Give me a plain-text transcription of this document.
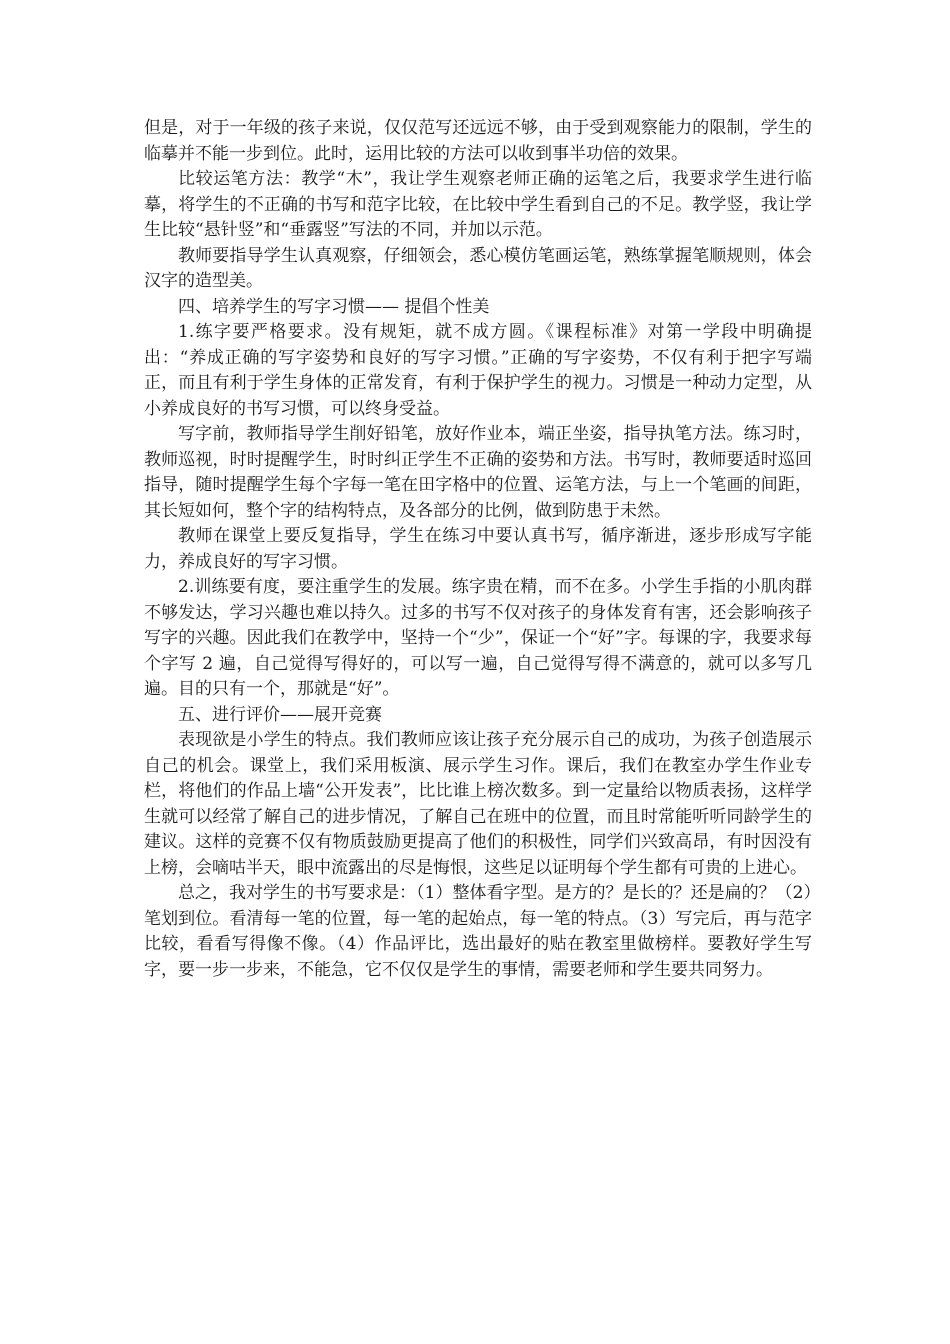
但是，对于一年级的孩子来说，仅仅范写还远远不够，由于受到观察能力的限制，学生的临摹并不能一步到位。此时，运用比较的方法可以收到事半功倍的效果。

比较运笔方法：教学“木”，我让学生观察老师正确的运笔之后，我要求学生进行临摹，将学生的不正确的书写和范字比较，在比较中学生看到自己的不足。教学竖，我让学生比较“悬针竖”和“垂露竖”写法的不同，并加以示范。

教师要指导学生认真观察，仔细领会，悉心模仿笔画运笔，熟练掌握笔顺规则，体会汉字的造型美。

四、培养学生的写字习惯—— 提倡个性美

1.练字要严格要求。没有规矩，就不成方圆。《课程标准》对第一学段中明确提出：“养成正确的写字姿势和良好的写字习惯。”正确的写字姿势，不仅有利于把字写端正，而且有利于学生身体的正常发育，有利于保护学生的视力。习惯是一种动力定型，从小养成良好的书写习惯，可以终身受益。

写字前，教师指导学生削好铅笔，放好作业本，端正坐姿，指导执笔方法。练习时，教师巡视，时时提醒学生，时时纠正学生不正确的姿势和方法。书写时，教师要适时巡回指导，随时提醒学生每个字每一笔在田字格中的位置、运笔方法，与上一个笔画的间距，其长短如何，整个字的结构特点，及各部分的比例，做到防患于未然。

教师在课堂上要反复指导，学生在练习中要认真书写，循序渐进，逐步形成写字能力，养成良好的写字习惯。

2.训练要有度，要注重学生的发展。练字贵在精，而不在多。小学生手指的小肌肉群不够发达，学习兴趣也难以持久。过多的书写不仅对孩子的身体发育有害，还会影响孩子写字的兴趣。因此我们在教学中，坚持一个“少”，保证一个“好”字。每课的字，我要求每个字写 2 遍，自己觉得写得好的，可以写一遍，自己觉得写得不满意的，就可以多写几遍。目的只有一个，那就是“好”。

五、进行评价——展开竞赛

表现欲是小学生的特点。我们教师应该让孩子充分展示自己的成功，为孩子创造展示自己的机会。课堂上，我们采用板演、展示学生习作。课后，我们在教室办学生作业专栏，将他们的作品上墙“公开发表”，比比谁上榜次数多。到一定量给以物质表扬，这样学生就可以经常了解自己的进步情况，了解自己在班中的位置，而且时常能听听同龄学生的建议。这样的竞赛不仅有物质鼓励更提高了他们的积极性，同学们兴致高昂，有时因没有上榜，会嘀咕半天，眼中流露出的尽是悔恨，这些足以证明每个学生都有可贵的上进心。

总之，我对学生的书写要求是：（1）整体看字型。是方的？是长的？还是扁的？（2）笔划到位。看清每一笔的位置，每一笔的起始点，每一笔的特点。（3）写完后，再与范字比较，看看写得像不像。（4）作品评比，选出最好的贴在教室里做榜样。要教好学生写字，要一步一步来，不能急，它不仅仅是学生的事情，需要老师和学生要共同努力。
